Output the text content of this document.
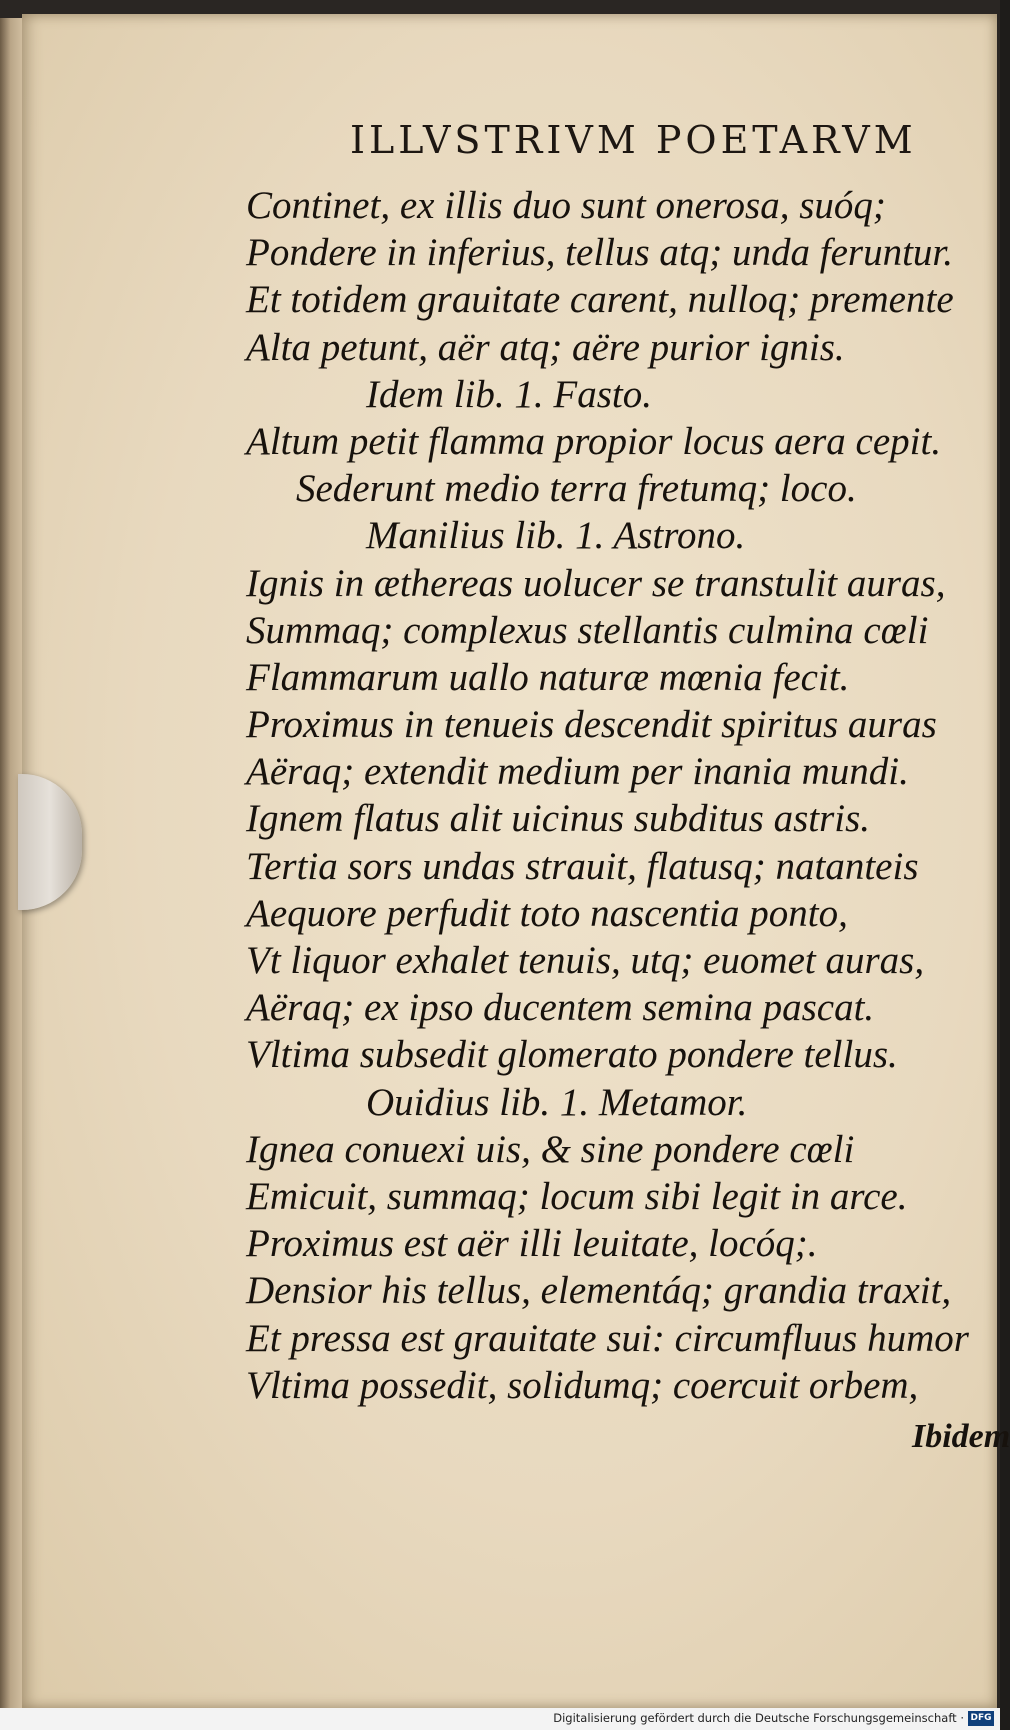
ILLVSTRIVM POETARVM
Continet, ex illis duo sunt onerosa, suóq;
Pondere in inferius, tellus atq; unda feruntur.
Et totidem grauitate carent, nulloq; premente
Alta petunt, aër atq; aëre purior ignis.
Idem lib. 1. Fasto.
Altum petit flamma propior locus aera cepit.
Sederunt medio terra fretumq; loco.
Manilius lib. 1. Astrono.
Ignis in æthereas uolucer se transtulit auras,
Summaq; complexus stellantis culmina cœli
Flammarum uallo naturæ mœnia fecit.
Proximus in tenueis descendit spiritus auras
Aëraq; extendit medium per inania mundi.
Ignem flatus alit uicinus subditus astris.
Tertia sors undas strauit, flatusq; natanteis
Aequore perfudit toto nascentia ponto,
Vt liquor exhalet tenuis, utq; euomet auras,
Aëraq; ex ipso ducentem semina pascat.
Vltima subsedit glomerato pondere tellus.
Ouidius lib. 1. Metamor.
Ignea conuexi uis, & sine pondere cœli
Emicuit, summaq; locum sibi legit in arce.
Proximus est aër illi leuitate, locóq;.
Densior his tellus, elementáq; grandia traxit,
Et pressa est grauitate sui: circumfluus humor
Vltima possedit, solidumq; coercuit orbem,
Ibidem
Digitalisierung gefördert durch die Deutsche Forschungsgemeinschaft · DFG
